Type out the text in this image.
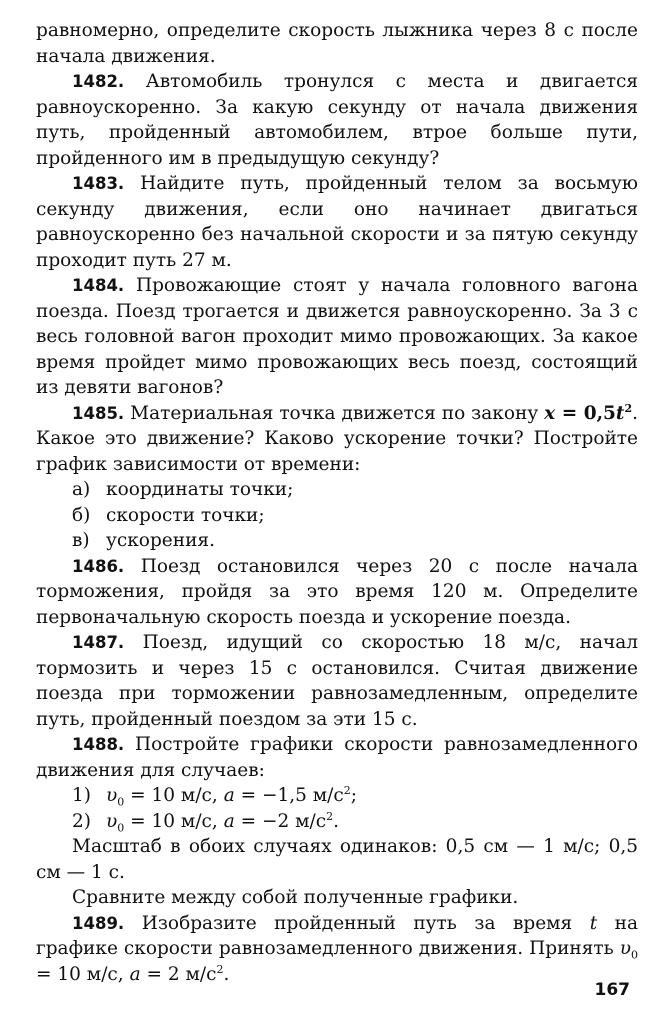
равномерно, определите скорость лыжника через 8 с после начала движения.

1482. Автомобиль тронулся с места и двигается равноускоренно. За какую секунду от начала движения путь, пройденный автомобилем, втрое больше пути, пройденного им в предыдущую секунду?

1483. Найдите путь, пройденный телом за восьмую секунду движения, если оно начинает двигаться равноускоренно без начальной скорости и за пятую секунду проходит путь 27 м.

1484. Провожающие стоят у начала головного вагона поезда. Поезд трогается и движется равноускоренно. За 3 с весь головной вагон проходит мимо провожающих. За какое время пройдет мимо провожающих весь поезд, состоящий из девяти вагонов?

1485. Материальная точка движется по закону $x = 0,5t^2$. Какое это движение? Каково ускорение точки? Постройте график зависимости от времени:

а) координаты точки;

б) скорости точки;

в) ускорения.

1486. Поезд остановился через 20 с после начала торможения, пройдя за это время 120 м. Определите первоначальную скорость поезда и ускорение поезда.

1487. Поезд, идущий со скоростью 18 м/с, начал тормозить и через 15 с остановился. Считая движение поезда при торможении равнозамедленным, определите путь, пройденный поездом за эти 15 с.

1488. Постройте графики скорости равнозамедленного движения для случаев:

1) $\upsilon_0 = 10$ м/с, a = −1,5 $м/с^2$;

2) $\upsilon_0 = 10$ м/с, a = −2 $м/с^2$.

Масштаб в обоих случаях одинаков: 0,5 см — 1 м/с; 0,5 см — 1 с.

Сравните между собой полученные графики.

1489. Изобразите пройденный путь за время t на графике скорости равнозамедленного движения. Принять $\upsilon_0 = 10$ м/с, a = 2 $м/с^2$.

167
